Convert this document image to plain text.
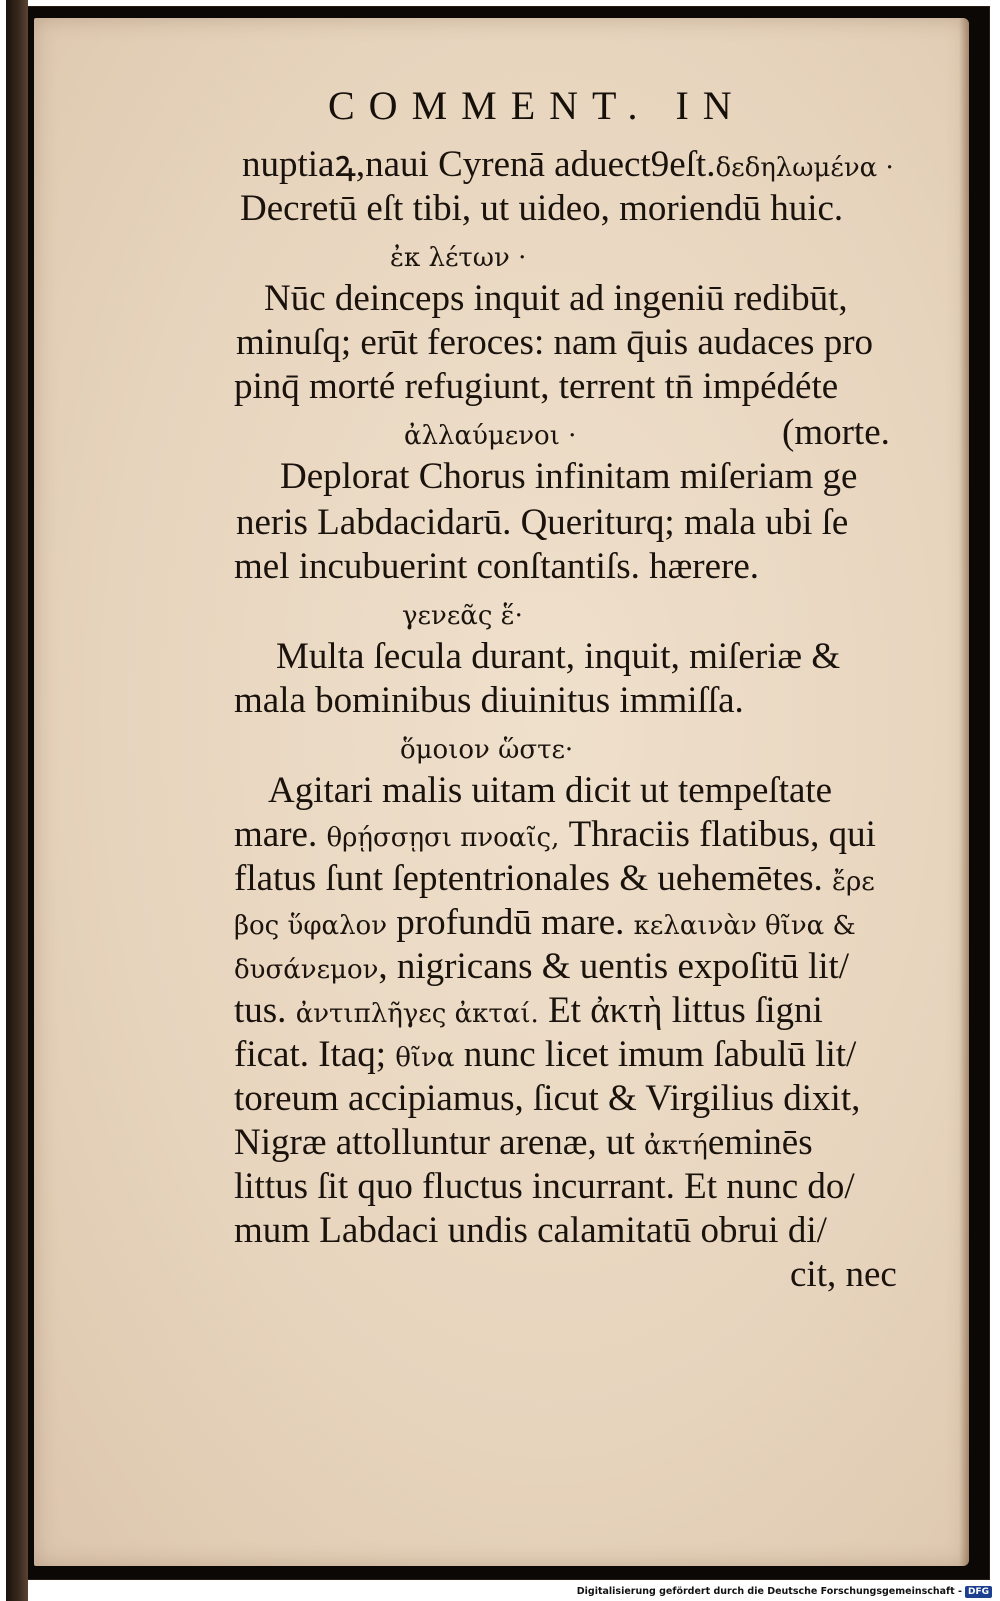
COMMENT. IN
nuptiaꝝ,naui Cyrenā aduect9eſt.δεδηλωμένα ·
Decretū eſt tibi, ut uideo, moriendū huic.
ἐκ λέτων ·
Nūc deinceps inquit ad ingeniū redibūt,
minuſq; erūt feroces: nam q̄uis audaces pro
pinq̄ morté refugiunt, terrent tn̄ impédéte
ἀλλαύμενοι ·	(morte.
Deplorat Chorus infinitam miſeriam ge
neris Labdacidarū. Queriturq; mala ubi ſe
mel incubuerint conſtantiſs. hærere.
γενεᾶς ἕ·
Multa ſecula durant, inquit, miſeriæ &
mala bominibus diuinitus immiſſa.
ὅμοιον ὥστε·
Agitari malis uitam dicit ut tempeſtate
mare. θρῄσσῃσι πνοαῖς, Thraciis flatibus, qui
flatus ſunt ſeptentrionales & uehemētes. ἔρε
βος ὕφαλον profundū mare. κελαινὰν θῖνα &
δυσάνεμον, nigricans & uentis expoſitū lit/
tus. ἀντιπλῆγες ἀκταί. Et ἀκτὴ littus ſigni
ficat. Itaq; θῖνα nunc licet imum ſabulū lit/
toreum accipiamus, ſicut & Virgilius dixit,
Nigræ attolluntur arenæ, ut ἀκτήeminēs
littus ſit quo fluctus incurrant. Et nunc do/
mum Labdaci undis calamitatū obrui di/
cit, nec
Digitalisierung gefördert durch die Deutsche Forschungsgemeinschaft - DFG
